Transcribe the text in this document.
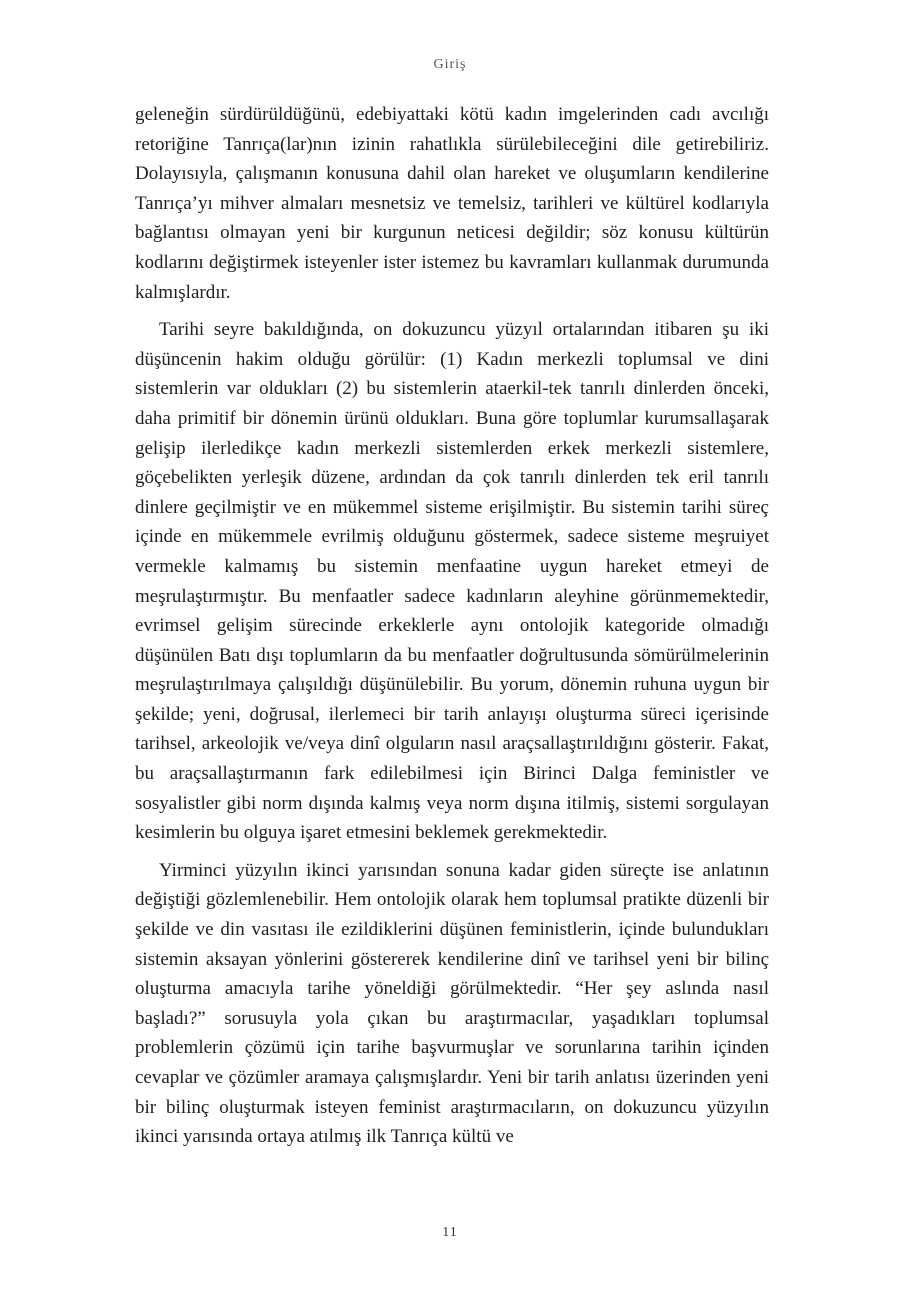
Giriş

geleneğin sürdürüldüğünü, edebiyattaki kötü kadın imgelerinden cadı avcılığı retoriğine Tanrıça(lar)nın izinin rahatlıkla sürülebileceğini dile getirebiliriz. Dolayısıyla, çalışmanın konusuna dahil olan hareket ve oluşumların kendilerine Tanrıça’yı mihver almaları mesnetsiz ve temelsiz, tarihleri ve kültürel kodlarıyla bağlantısı olmayan yeni bir kurgunun neticesi değildir; söz konusu kültürün kodlarını değiştirmek isteyenler ister istemez bu kavramları kullanmak durumunda kalmışlardır.

Tarihi seyre bakıldığında, on dokuzuncu yüzyıl ortalarından itibaren şu iki düşüncenin hakim olduğu görülür: (1) Kadın merkezli toplumsal ve dini sistemlerin var oldukları (2) bu sistemlerin ataerkil-tek tanrılı dinlerden önceki, daha primitif bir dönemin ürünü oldukları. Buna göre toplumlar kurumsallaşarak gelişip ilerledikçe kadın merkezli sistemlerden erkek merkezli sistemlere, göçebelikten yerleşik düzene, ardından da çok tanrılı dinlerden tek eril tanrılı dinlere geçilmiştir ve en mükemmel sisteme erişilmiştir. Bu sistemin tarihi süreç içinde en mükemmele evrilmiş olduğunu göstermek, sadece sisteme meşruiyet vermekle kalmamış bu sistemin menfaatine uygun hareket etmeyi de meşrulaştırmıştır. Bu menfaatler sadece kadınların aleyhine görünmemektedir, evrimsel gelişim sürecinde erkeklerle aynı ontolojik kategoride olmadığı düşünülen Batı dışı toplumların da bu menfaatler doğrultusunda sömürülmelerinin meşrulaştırılmaya çalışıldığı düşünülebilir. Bu yorum, dönemin ruhuna uygun bir şekilde; yeni, doğrusal, ilerlemeci bir tarih anlayışı oluşturma süreci içerisinde tarihsel, arkeolojik ve/veya dinî olguların nasıl araçsallaştırıldığını gösterir. Fakat, bu araçsallaştırmanın fark edilebilmesi için Birinci Dalga feministler ve sosyalistler gibi norm dışında kalmış veya norm dışına itilmiş, sistemi sorgulayan kesimlerin bu olguya işaret etmesini beklemek gerekmektedir.

Yirminci yüzyılın ikinci yarısından sonuna kadar giden süreçte ise anlatının değiştiği gözlemlenebilir. Hem ontolojik olarak hem toplumsal pratikte düzenli bir şekilde ve din vasıtası ile ezildiklerini düşünen feministlerin, içinde bulundukları sistemin aksayan yönlerini göstererek kendilerine dinî ve tarihsel yeni bir bilinç oluşturma amacıyla tarihe yöneldiği görülmektedir. “Her şey aslında nasıl başladı?” sorusuyla yola çıkan bu araştırmacılar, yaşadıkları toplumsal problemlerin çözümü için tarihe başvurmuşlar ve sorunlarına tarihin içinden cevaplar ve çözümler aramaya çalışmışlardır. Yeni bir tarih anlatısı üzerinden yeni bir bilinç oluşturmak isteyen feminist araştırmacıların, on dokuzuncu yüzyılın ikinci yarısında ortaya atılmış ilk Tanrıça kültü ve

11
